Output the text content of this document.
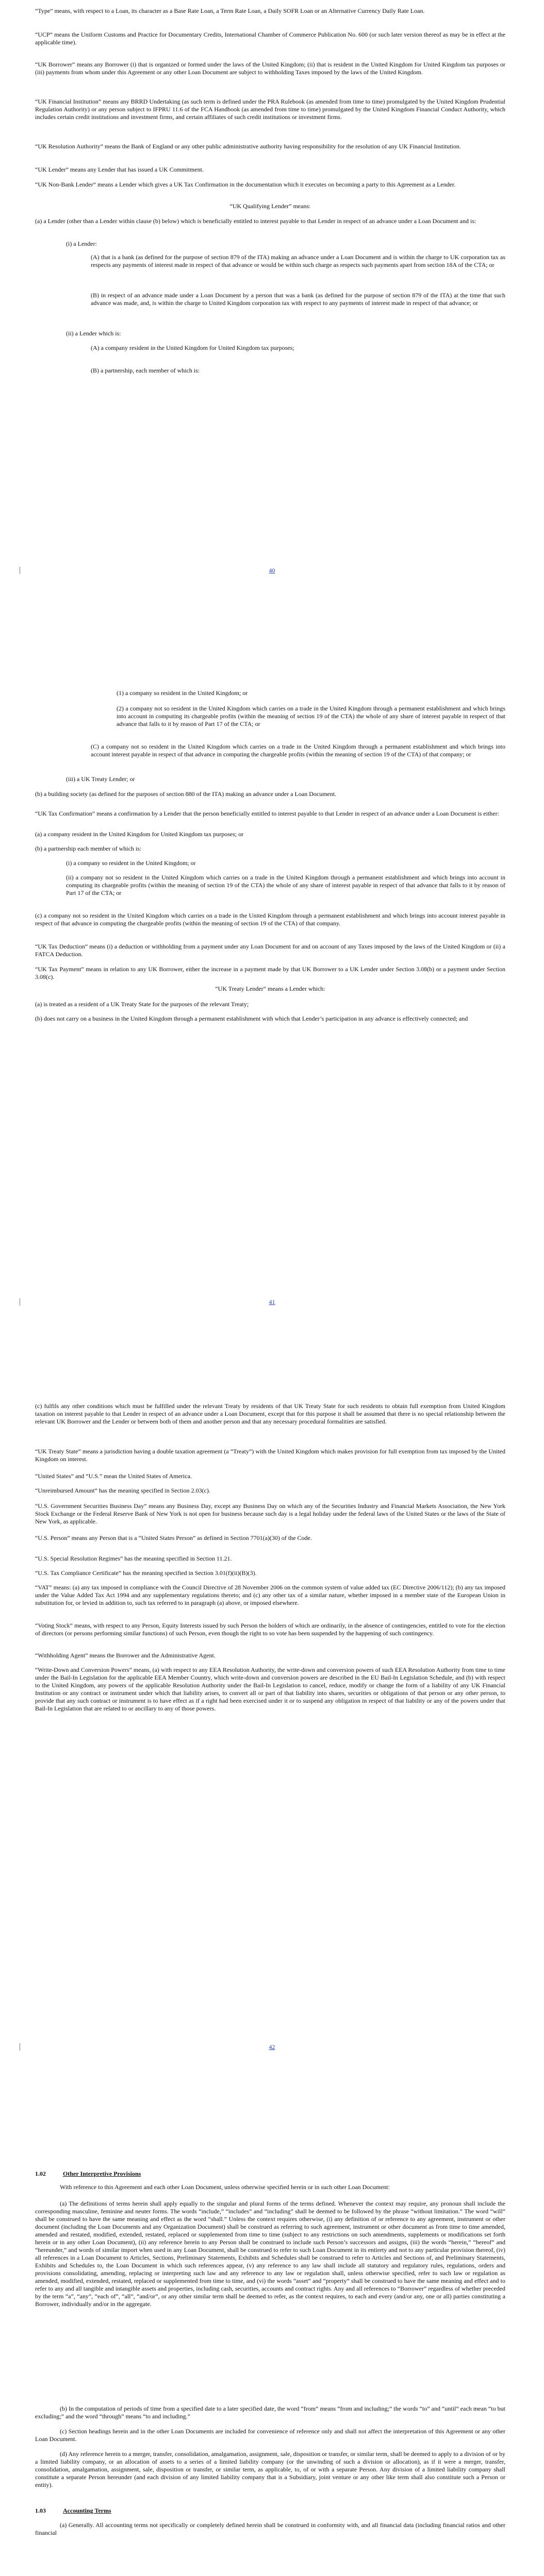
“Type” means, with respect to a Loan, its character as a Base Rate Loan, a Term Rate Loan, a Daily SOFR Loan or an Alternative Currency Daily Rate Loan.

“UCP” means the Uniform Customs and Practice for Documentary Credits, International Chamber of Commerce Publication No. 600 (or such later version thereof as may be in effect at the applicable time).

“UK Borrower” means any Borrower (i) that is organized or formed under the laws of the United Kingdom; (ii) that is resident in the United Kingdom for United Kingdom tax purposes or (iii) payments from whom under this Agreement or any other Loan Document are subject to withholding Taxes imposed by the laws of the United Kingdom.

“UK Financial Institution” means any BRRD Undertaking (as such term is defined under the PRA Rulebook (as amended from time to time) promulgated by the United Kingdom Prudential Regulation Authority) or any person subject to IFPRU 11.6 of the FCA Handbook (as amended from time to time) promulgated by the United Kingdom Financial Conduct Authority, which includes certain credit institutions and investment firms, and certain affiliates of such credit institutions or investment firms.

“UK Resolution Authority” means the Bank of England or any other public administrative authority having responsibility for the resolution of any UK Financial Institution.

“UK Lender” means any Lender that has issued a UK Commitment.

“UK Non-Bank Lender” means a Lender which gives a UK Tax Confirmation in the documentation which it executes on becoming a party to this Agreement as a Lender.

“UK Qualifying Lender” means:

(a) a Lender (other than a Lender within clause (b) below) which is beneficially entitled to interest payable to that Lender in respect of an advance under a Loan Document and is:

(i) a Lender:

(A) that is a bank (as defined for the purpose of section 879 of the ITA) making an advance under a Loan Document and is within the charge to UK corporation tax as respects any payments of interest made in respect of that advance or would be within such charge as respects such payments apart from section 18A of the CTA; or

(B) in respect of an advance made under a Loan Document by a person that was a bank (as defined for the purpose of section 879 of the ITA) at the time that such advance was made, and, is within the charge to United Kingdom corporation tax with respect to any payments of interest made in respect of that advance; or

(ii) a Lender which is:

(A) a company resident in the United Kingdom for United Kingdom tax purposes;

(B) a partnership, each member of which is:

40

(1) a company so resident in the United Kingdom; or

(2) a company not so resident in the United Kingdom which carries on a trade in the United Kingdom through a permanent establishment and which brings into account in computing its chargeable profits (within the meaning of section 19 of the CTA) the whole of any share of interest payable in respect of that advance that falls to it by reason of Part 17 of the CTA; or

(C) a company not so resident in the United Kingdom which carries on a trade in the United Kingdom through a permanent establishment and which brings into account interest payable in respect of that advance in computing the chargeable profits (within the meaning of section 19 of the CTA) of that company; or

(iii) a UK Treaty Lender; or

(b) a building society (as defined for the purposes of section 880 of the ITA) making an advance under a Loan Document.

“UK Tax Confirmation” means a confirmation by a Lender that the person beneficially entitled to interest payable to that Lender in respect of an advance under a Loan Document is either:

(a) a company resident in the United Kingdom for United Kingdom tax purposes; or

(b) a partnership each member of which is:

(i) a company so resident in the United Kingdom; or

(ii) a company not so resident in the United Kingdom which carries on a trade in the United Kingdom through a permanent establishment and which brings into account in computing its chargeable profits (within the meaning of section 19 of the CTA) the whole of any share of interest payable in respect of that advance that falls to it by reason of Part 17 of the CTA; or

(c) a company not so resident in the United Kingdom which carries on a trade in the United Kingdom through a permanent establishment and which brings into account interest payable in respect of that advance in computing the chargeable profits (within the meaning of section 19 of the CTA) of that company.

“UK Tax Deduction” means (i) a deduction or withholding from a payment under any Loan Document for and on account of any Taxes imposed by the laws of the United Kingdom or (ii) a FATCA Deduction.

“UK Tax Payment” means in relation to any UK Borrower, either the increase in a payment made by that UK Borrower to a UK Lender under Section 3.08(b) or a payment under Section 3.08(c).

“UK Treaty Lender” means a Lender which:

(a) is treated as a resident of a UK Treaty State for the purposes of the relevant Treaty;

(b) does not carry on a business in the United Kingdom through a permanent establishment with which that Lender’s participation in any advance is effectively connected; and

41

(c) fulfils any other conditions which must be fulfilled under the relevant Treaty by residents of that UK Treaty State for such residents to obtain full exemption from United Kingdom taxation on interest payable to that Lender in respect of an advance under a Loan Document, except that for this purpose it shall be assumed that there is no special relationship between the relevant UK Borrower and the Lender or between both of them and another person and that any necessary procedural formalities are satisfied.

“UK Treaty State” means a jurisdiction having a double taxation agreement (a “Treaty”) with the United Kingdom which makes provision for full exemption from tax imposed by the United Kingdom on interest.

“United States” and “U.S.” mean the United States of America.

“Unreimbursed Amount” has the meaning specified in Section 2.03(c).

“U.S. Government Securities Business Day” means any Business Day, except any Business Day on which any of the Securities Industry and Financial Markets Association, the New York Stock Exchange or the Federal Reserve Bank of New York is not open for business because such day is a legal holiday under the federal laws of the United States or the laws of the State of New York, as applicable.

“U.S. Person” means any Person that is a “United States Person” as defined in Section 7701(a)(30) of the Code.

“U.S. Special Resolution Regimes” has the meaning specified in Section 11.21.

“U.S. Tax Compliance Certificate” has the meaning specified in Section 3.01(f)(ii)(B)(3).

“VAT” means: (a) any tax imposed in compliance with the Council Directive of 28 November 2006 on the common system of value added tax (EC Directive 2006/112); (b) any tax imposed under the Value Added Tax Act 1994 and any supplementary regulations thereto; and (c) any other tax of a similar nature, whether imposed in a member state of the European Union in substitution for, or levied in addition to, such tax referred to in paragraph (a) above, or imposed elsewhere.

“Voting Stock” means, with respect to any Person, Equity Interests issued by such Person the holders of which are ordinarily, in the absence of contingencies, entitled to vote for the election of directors (or persons performing similar functions) of such Person, even though the right to so vote has been suspended by the happening of such contingency.

“Withholding Agent” means the Borrower and the Administrative Agent.

“Write-Down and Conversion Powers” means, (a) with respect to any EEA Resolution Authority, the write-down and conversion powers of such EEA Resolution Authority from time to time under the Bail-In Legislation for the applicable EEA Member Country, which write-down and conversion powers are described in the EU Bail-In Legislation Schedule, and (b) with respect to the United Kingdom, any powers of the applicable Resolution Authority under the Bail-In Legislation to cancel, reduce, modify or change the form of a liability of any UK Financial Institution or any contract or instrument under which that liability arises, to convert all or part of that liability into shares, securities or obligations of that person or any other person, to provide that any such contract or instrument is to have effect as if a right had been exercised under it or to suspend any obligation in respect of that liability or any of the powers under that Bail-In Legislation that are related to or ancillary to any of those powers.

42
1.02	Other Interpretive Provisions

With reference to this Agreement and each other Loan Document, unless otherwise specified herein or in such other Loan Document:

(a) The definitions of terms herein shall apply equally to the singular and plural forms of the terms defined. Whenever the context may require, any pronoun shall include the corresponding masculine, feminine and neuter forms. The words “include,” “includes” and “including” shall be deemed to be followed by the phrase “without limitation.” The word “will” shall be construed to have the same meaning and effect as the word “shall.” Unless the context requires otherwise, (i) any definition of or reference to any agreement, instrument or other document (including the Loan Documents and any Organization Document) shall be construed as referring to such agreement, instrument or other document as from time to time amended, amended and restated, modified, extended, restated, replaced or supplemented from time to time (subject to any restrictions on such amendments, supplements or modifications set forth herein or in any other Loan Document), (ii) any reference herein to any Person shall be construed to include such Person’s successors and assigns, (iii) the words “herein,” “hereof” and “hereunder,” and words of similar import when used in any Loan Document, shall be construed to refer to such Loan Document in its entirety and not to any particular provision thereof, (iv) all references in a Loan Document to Articles, Sections, Preliminary Statements, Exhibits and Schedules shall be construed to refer to Articles and Sections of, and Preliminary Statements, Exhibits and Schedules to, the Loan Document in which such references appear, (v) any reference to any law shall include all statutory and regulatory rules, regulations, orders and provisions consolidating, amending, replacing or interpreting such law and any reference to any law or regulation shall, unless otherwise specified, refer to such law or regulation as amended, modified, extended, restated, replaced or supplemented from time to time, and (vi) the words “asset” and “property” shall be construed to have the same meaning and effect and to refer to any and all tangible and intangible assets and properties, including cash, securities, accounts and contract rights. Any and all references to “Borrower” regardless of whether preceded by the term “a”, “any”, “each of”, “all”, “and/or”, or any other similar term shall be deemed to refer, as the context requires, to each and every (and/or any, one or all) parties constituting a Borrower, individually and/or in the aggregate.

(b) In the computation of periods of time from a specified date to a later specified date, the word “from” means “from and including;” the words “to” and “until” each mean “to but excluding;” and the word “through” means “to and including.”

(c) Section headings herein and in the other Loan Documents are included for convenience of reference only and shall not affect the interpretation of this Agreement or any other Loan Document.

(d) Any reference herein to a merger, transfer, consolidation, amalgamation, assignment, sale, disposition or transfer, or similar term, shall be deemed to apply to a division of or by a limited liability company, or an allocation of assets to a series of a limited liability company (or the unwinding of such a division or allocation), as if it were a merger, transfer, consolidation, amalgamation, assignment, sale, disposition or transfer, or similar term, as applicable, to, of or with a separate Person. Any division of a limited liability company shall constitute a separate Person hereunder (and each division of any limited liability company that is a Subsidiary, joint venture or any other like term shall also constitute such a Person or entity).

1.03	Accounting Terms

(a) Generally. All accounting terms not specifically or completely defined herein shall be construed in conformity with, and all financial data (including financial ratios and other financial
